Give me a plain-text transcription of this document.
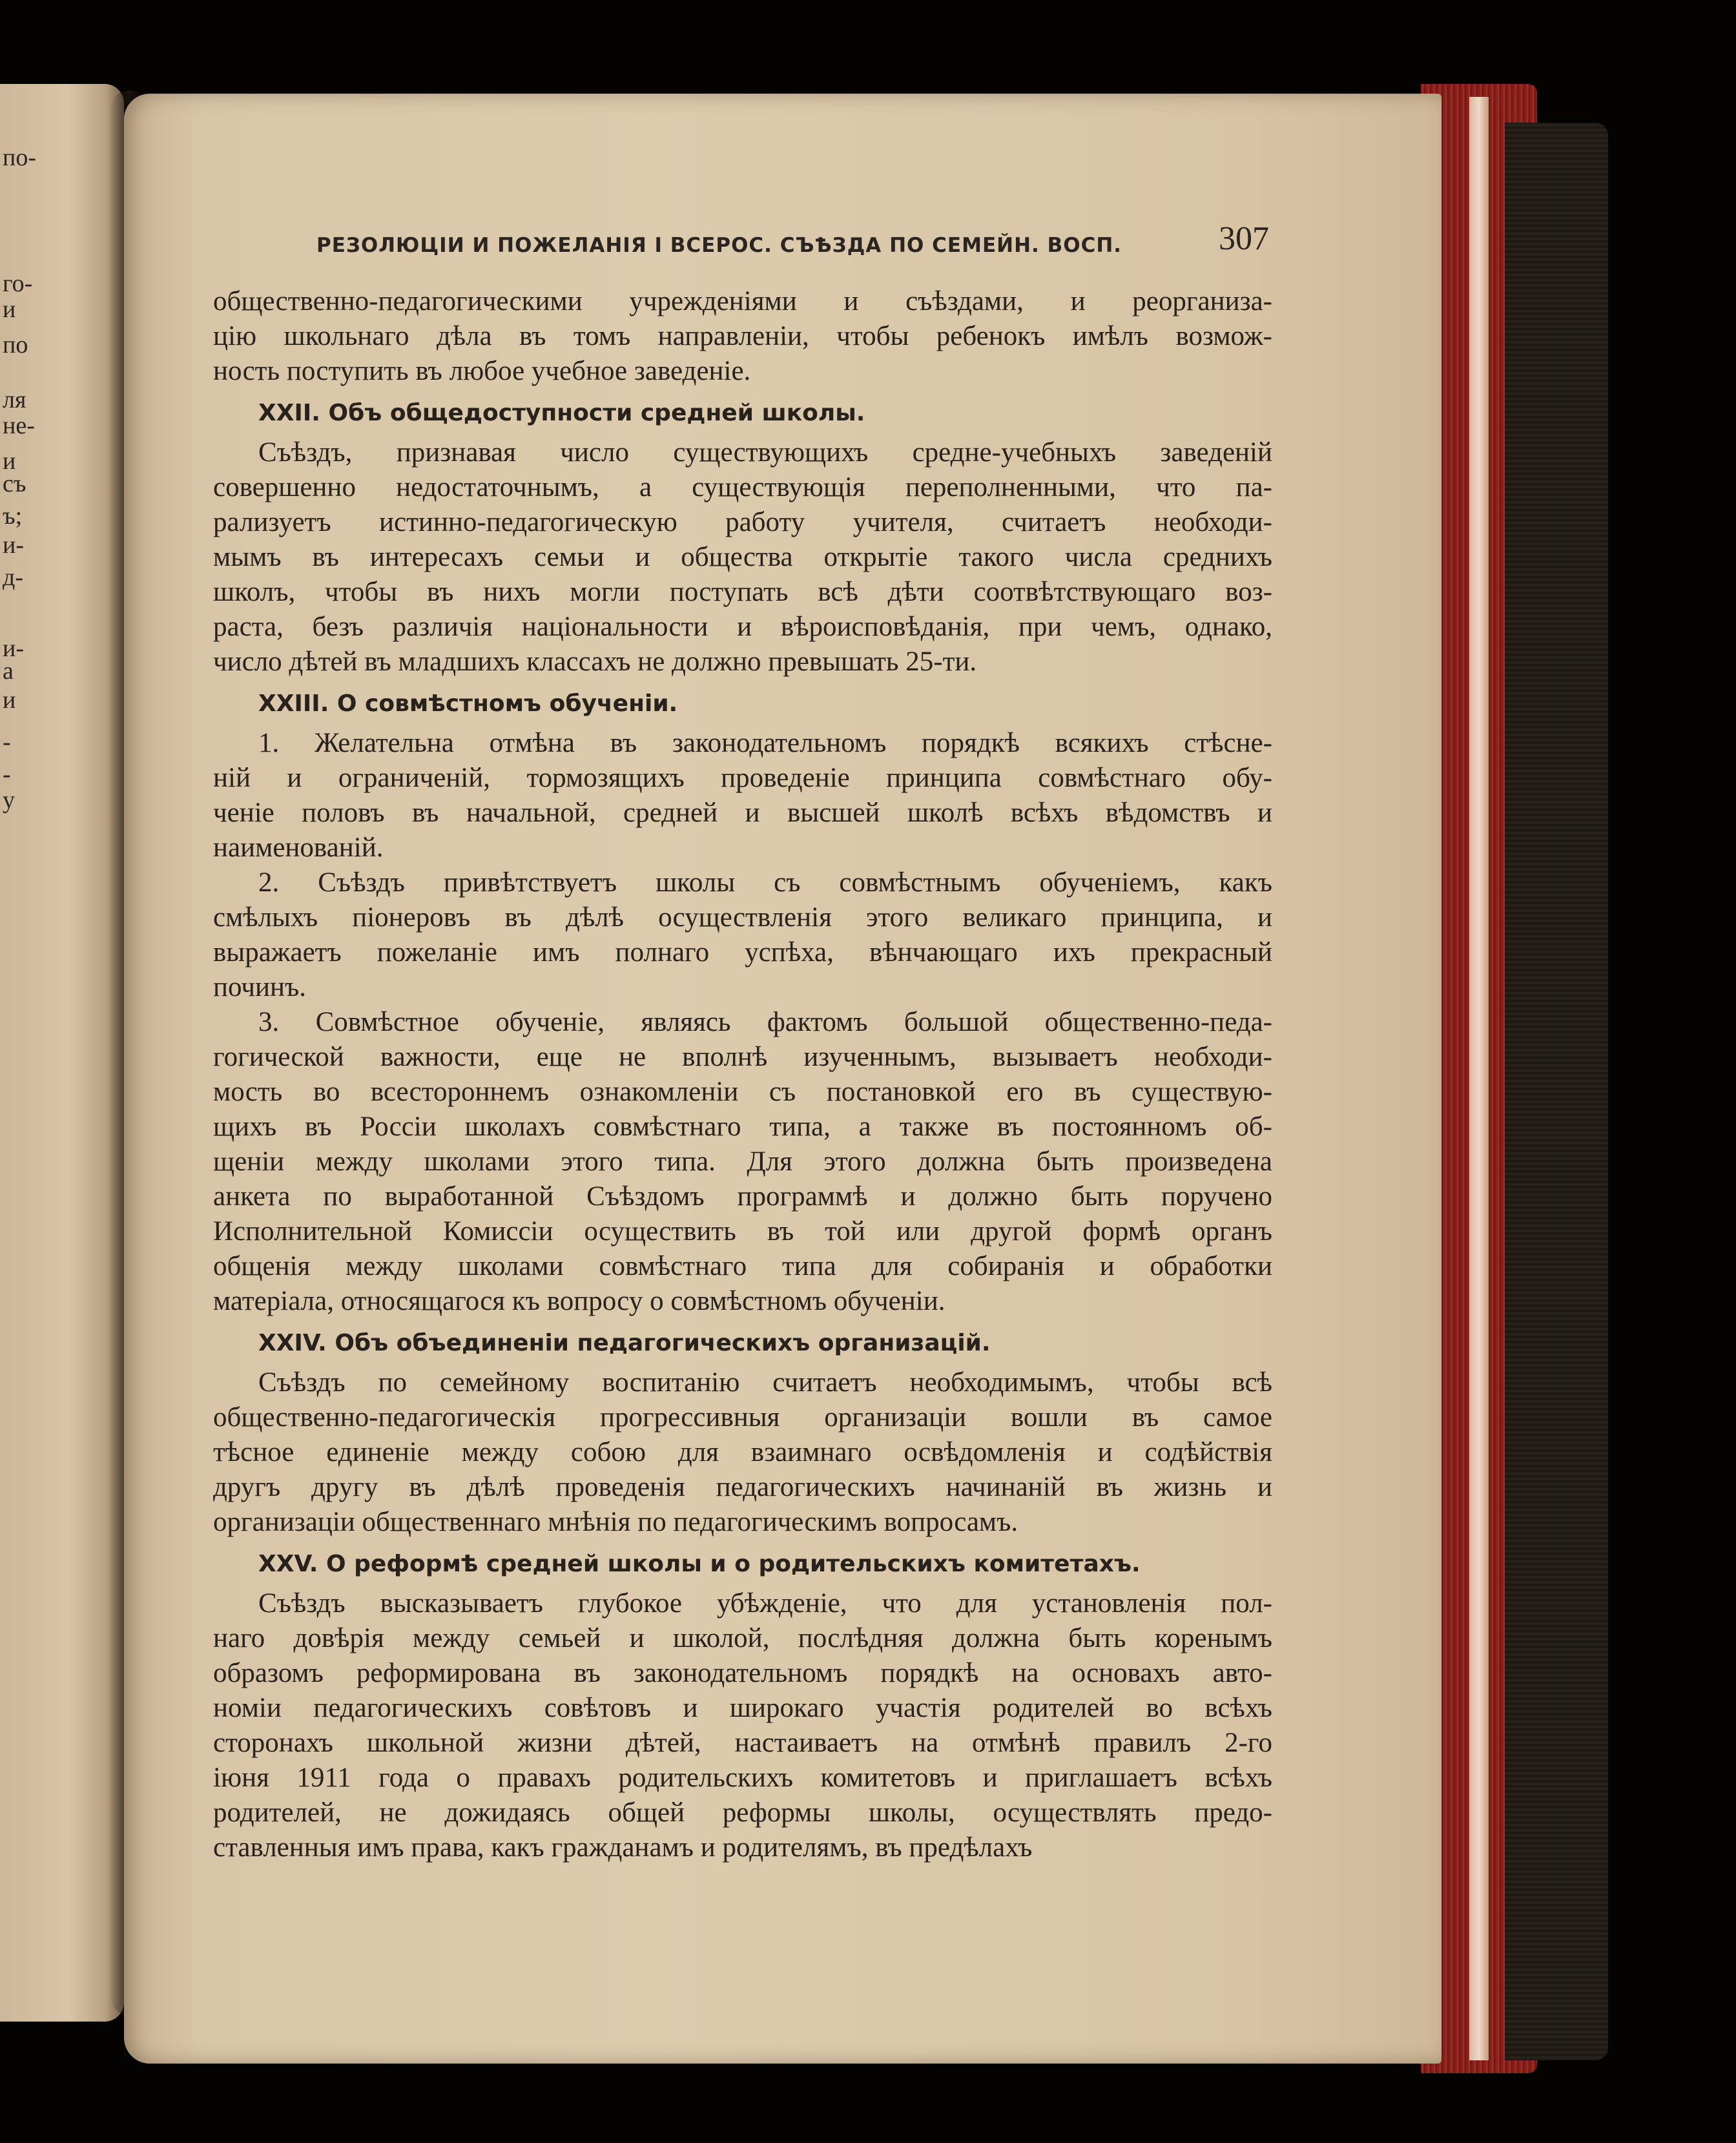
по-
го-
и
по
ля
не-
и
съ
ъ;
и-
д-
и-
а
и
-
-
у
РЕЗОЛЮЦІИ И ПОЖЕЛАНІЯ I ВСЕРОС. СЪѢЗДА ПО СЕМЕЙН. ВОСП.	307
общественно-педагогическими учрежденіями и съѣздами, и реорганиза-
цію школьнаго дѣла въ томъ направленіи, чтобы ребенокъ имѣлъ возмож-
ность поступить въ любое учебное заведеніе.
XXII. Объ общедоступности средней школы.
Съѣздъ, признавая число существующихъ средне-учебныхъ заведеній
совершенно недостаточнымъ, а существующія переполненными, что па-
рализуетъ истинно-педагогическую работу учителя, считаетъ необходи-
мымъ въ интересахъ семьи и общества открытіе такого числа среднихъ
школъ, чтобы въ нихъ могли поступать всѣ дѣти соотвѣтствующаго воз-
раста, безъ различія національности и вѣроисповѣданія, при чемъ, однако,
число дѣтей въ младшихъ классахъ не должно превышать 25-ти.
XXIII. О совмѣстномъ обученіи.
1. Желательна отмѣна въ законодательномъ порядкѣ всякихъ стѣсне-
ній и ограниченій, тормозящихъ проведеніе принципа совмѣстнаго обу-
ченіе половъ въ начальной, средней и высшей школѣ всѣхъ вѣдомствъ и
наименованій.
2. Съѣздъ привѣтствуетъ школы съ совмѣстнымъ обученіемъ, какъ
смѣлыхъ піонеровъ въ дѣлѣ осуществленія этого великаго принципа, и
выражаетъ пожеланіе имъ полнаго успѣха, вѣнчающаго ихъ прекрасный
починъ.
3. Совмѣстное обученіе, являясь фактомъ большой общественно-педа-
гогической важности, еще не вполнѣ изученнымъ, вызываетъ необходи-
мость во всестороннемъ ознакомленіи съ постановкой его въ существую-
щихъ въ Россіи школахъ совмѣстнаго типа, а также въ постоянномъ об-
щеніи между школами этого типа. Для этого должна быть произведена
анкета по выработанной Съѣздомъ программѣ и должно быть поручено
Исполнительной Комиссіи осуществить въ той или другой формѣ органъ
общенія между школами совмѣстнаго типа для собиранія и обработки
матеріала, относящагося къ вопросу о совмѣстномъ обученіи.
XXIV. Объ объединеніи педагогическихъ организацій.
Съѣздъ по семейному воспитанію считаетъ необходимымъ, чтобы всѣ
общественно-педагогическія прогрессивныя организаціи вошли въ самое
тѣсное единеніе между собою для взаимнаго освѣдомленія и содѣйствія
другъ другу въ дѣлѣ проведенія педагогическихъ начинаній въ жизнь и
организаціи общественнаго мнѣнія по педагогическимъ вопросамъ.
XXV. О реформѣ средней школы и о родительскихъ комитетахъ.
Съѣздъ высказываетъ глубокое убѣжденіе, что для установленія пол-
наго довѣрія между семьей и школой, послѣдняя должна быть коренымъ
образомъ реформирована въ законодательномъ порядкѣ на основахъ авто-
номіи педагогическихъ совѣтовъ и широкаго участія родителей во всѣхъ
сторонахъ школьной жизни дѣтей, настаиваетъ на отмѣнѣ правилъ 2-го
іюня 1911 года о правахъ родительскихъ комитетовъ и приглашаетъ всѣхъ
родителей, не дожидаясь общей реформы школы, осуществлять предо-
ставленныя имъ права, какъ гражданамъ и родителямъ, въ предѣлахъ
